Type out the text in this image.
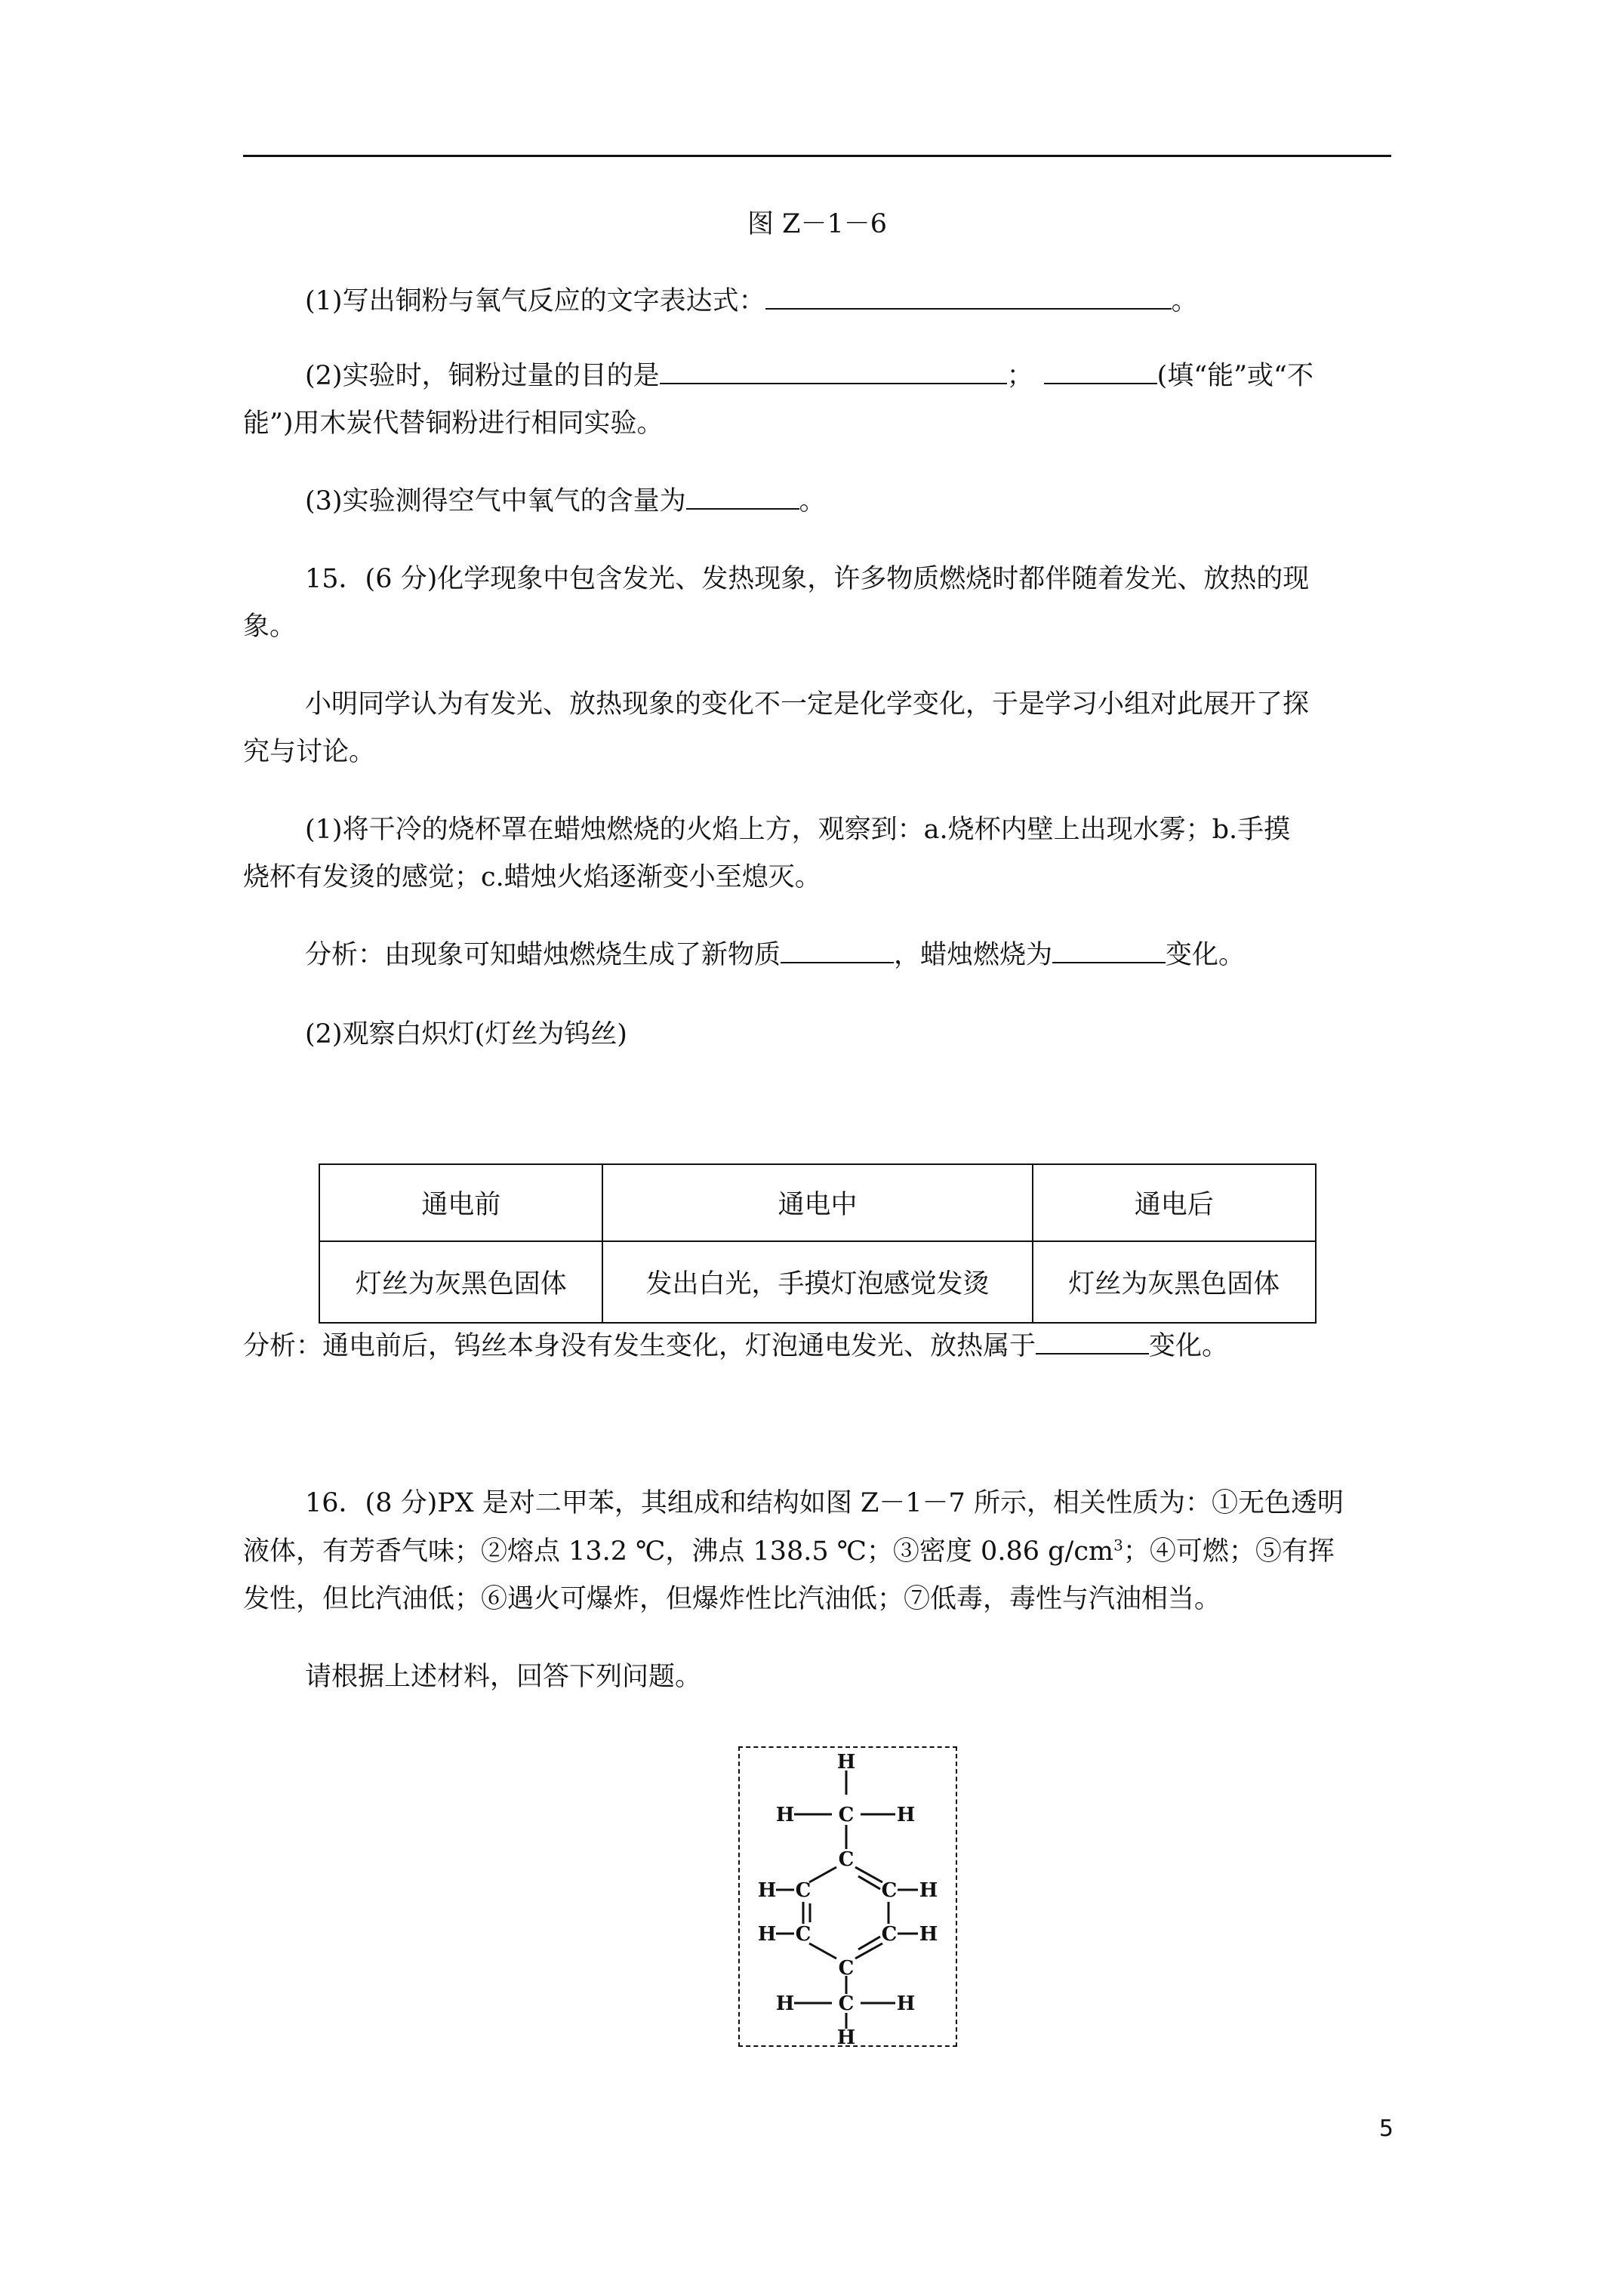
图 Z－1－6
(1)写出铜粉与氧气反应的文字表达式：	。
(2)实验时，铜粉过量的目的是	；	(填“能”或“不
能”)用木炭代替铜粉进行相同实验。
(3)实验测得空气中氧气的含量为	。
15．(6 分)化学现象中包含发光、发热现象，许多物质燃烧时都伴随着发光、放热的现
象。
小明同学认为有发光、放热现象的变化不一定是化学变化，于是学习小组对此展开了探
究与讨论。
(1)将干冷的烧杯罩在蜡烛燃烧的火焰上方，观察到：a.烧杯内壁上出现水雾；b.手摸
烧杯有发烫的感觉；c.蜡烛火焰逐渐变小至熄灭。
分析：由现象可知蜡烛燃烧生成了新物质	，蜡烛燃烧为	变化。
(2)观察白炽灯(灯丝为钨丝)
通电前	通电中	通电后
灯丝为灰黑色固体	发出白光，手摸灯泡感觉发烫	灯丝为灰黑色固体
分析：通电前后，钨丝本身没有发生变化，灯泡通电发光、放热属于	变化。
16．(8 分)PX 是对二甲苯，其组成和结构如图 Z－1－7 所示，相关性质为：①无色透明
液体，有芳香气味；②熔点 13.2 ℃，沸点 138.5 ℃；③密度 0.86 $g/cm^3$；④可燃；⑤有挥
发性，但比汽油低；⑥遇火可爆炸，但爆炸性比汽油低；⑦低毒，毒性与汽油相当。
请根据上述材料，回答下列问题。
H
H C H
C
H C	C H
H C	C H
C
H C H
H
5
